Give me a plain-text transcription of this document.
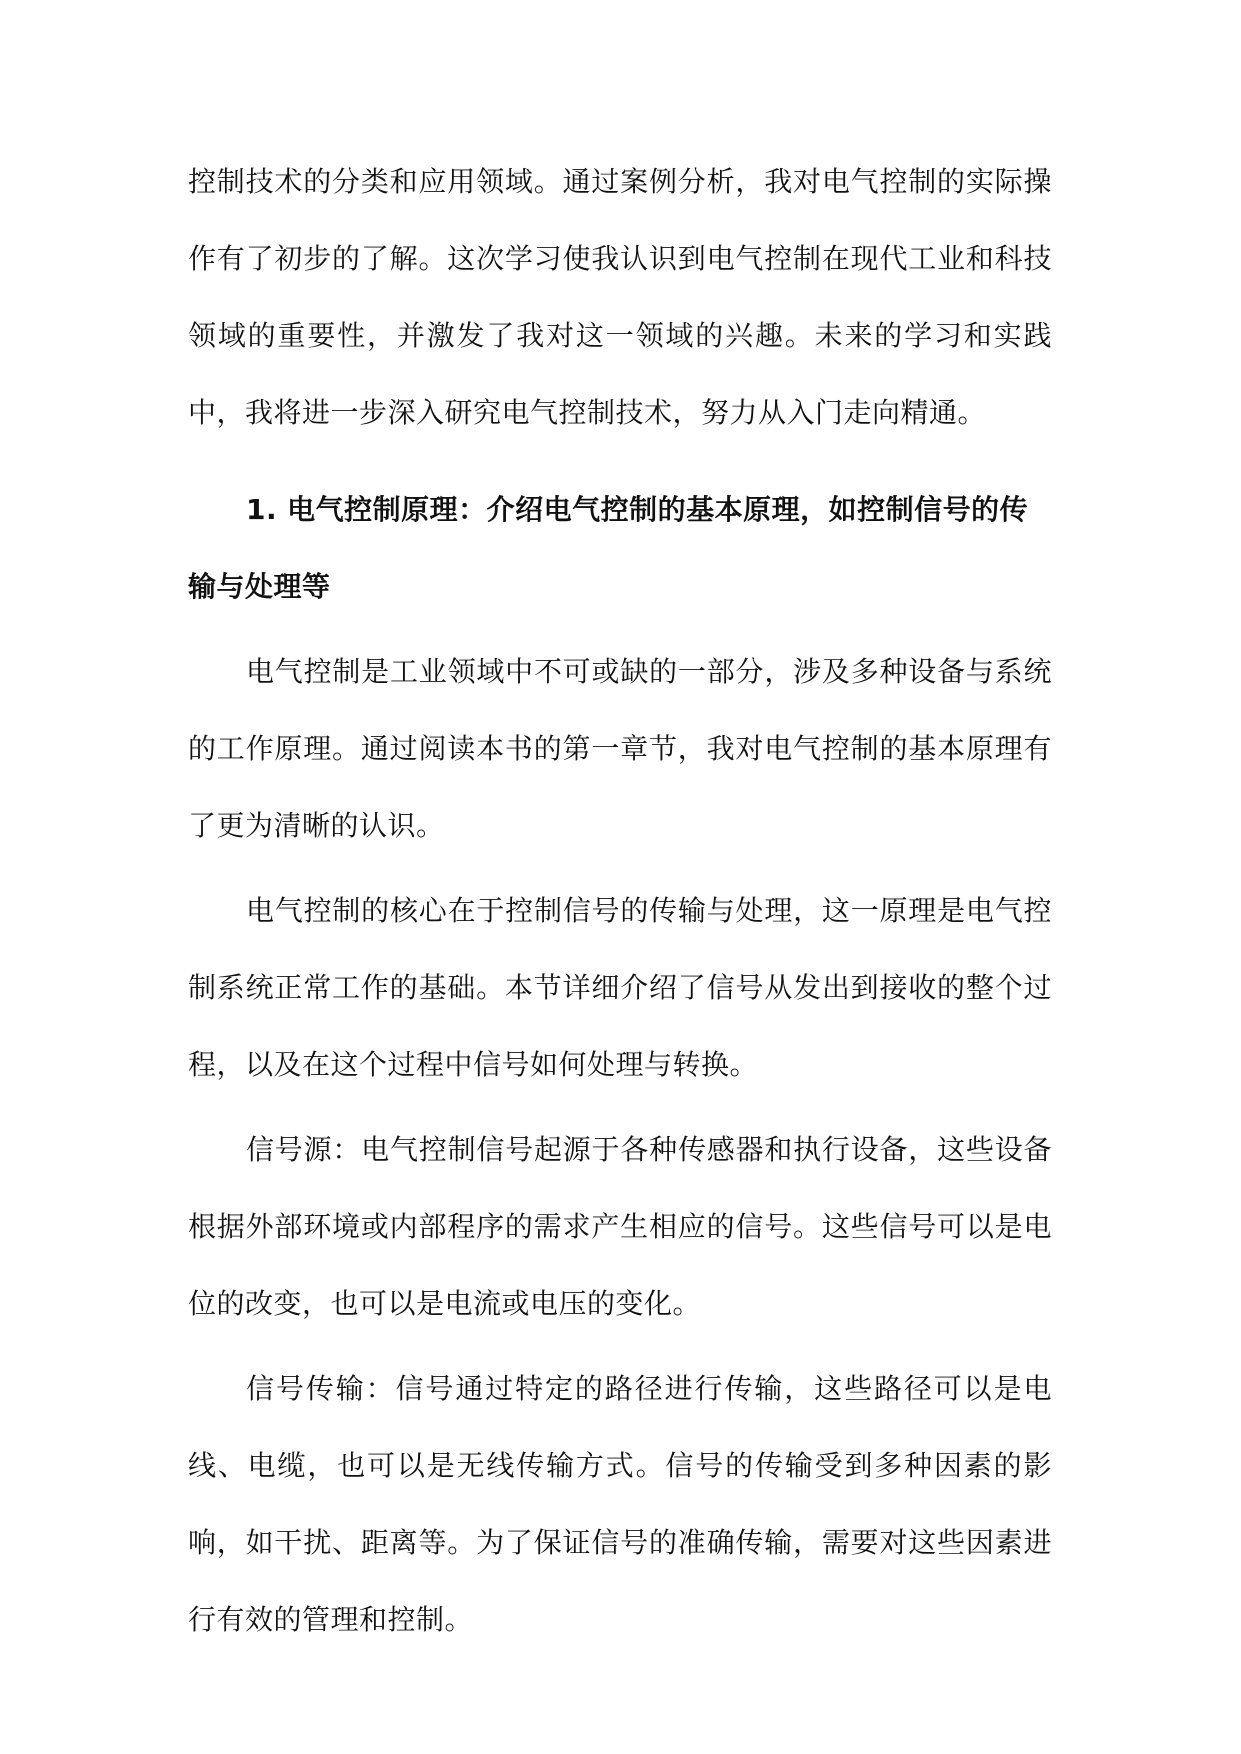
控制技术的分类和应用领域。通过案例分析，我对电气控制的实际操作有了初步的了解。这次学习使我认识到电气控制在现代工业和科技领域的重要性，并激发了我对这一领域的兴趣。未来的学习和实践中，我将进一步深入研究电气控制技术，努力从入门走向精通。

1. 电气控制原理：介绍电气控制的基本原理，如控制信号的传输与处理等

电气控制是工业领域中不可或缺的一部分，涉及多种设备与系统的工作原理。通过阅读本书的第一章节，我对电气控制的基本原理有了更为清晰的认识。

电气控制的核心在于控制信号的传输与处理，这一原理是电气控制系统正常工作的基础。本节详细介绍了信号从发出到接收的整个过程，以及在这个过程中信号如何处理与转换。

信号源：电气控制信号起源于各种传感器和执行设备，这些设备根据外部环境或内部程序的需求产生相应的信号。这些信号可以是电位的改变，也可以是电流或电压的变化。

信号传输：信号通过特定的路径进行传输，这些路径可以是电线、电缆，也可以是无线传输方式。信号的传输受到多种因素的影响，如干扰、距离等。为了保证信号的准确传输，需要对这些因素进行有效的管理和控制。
